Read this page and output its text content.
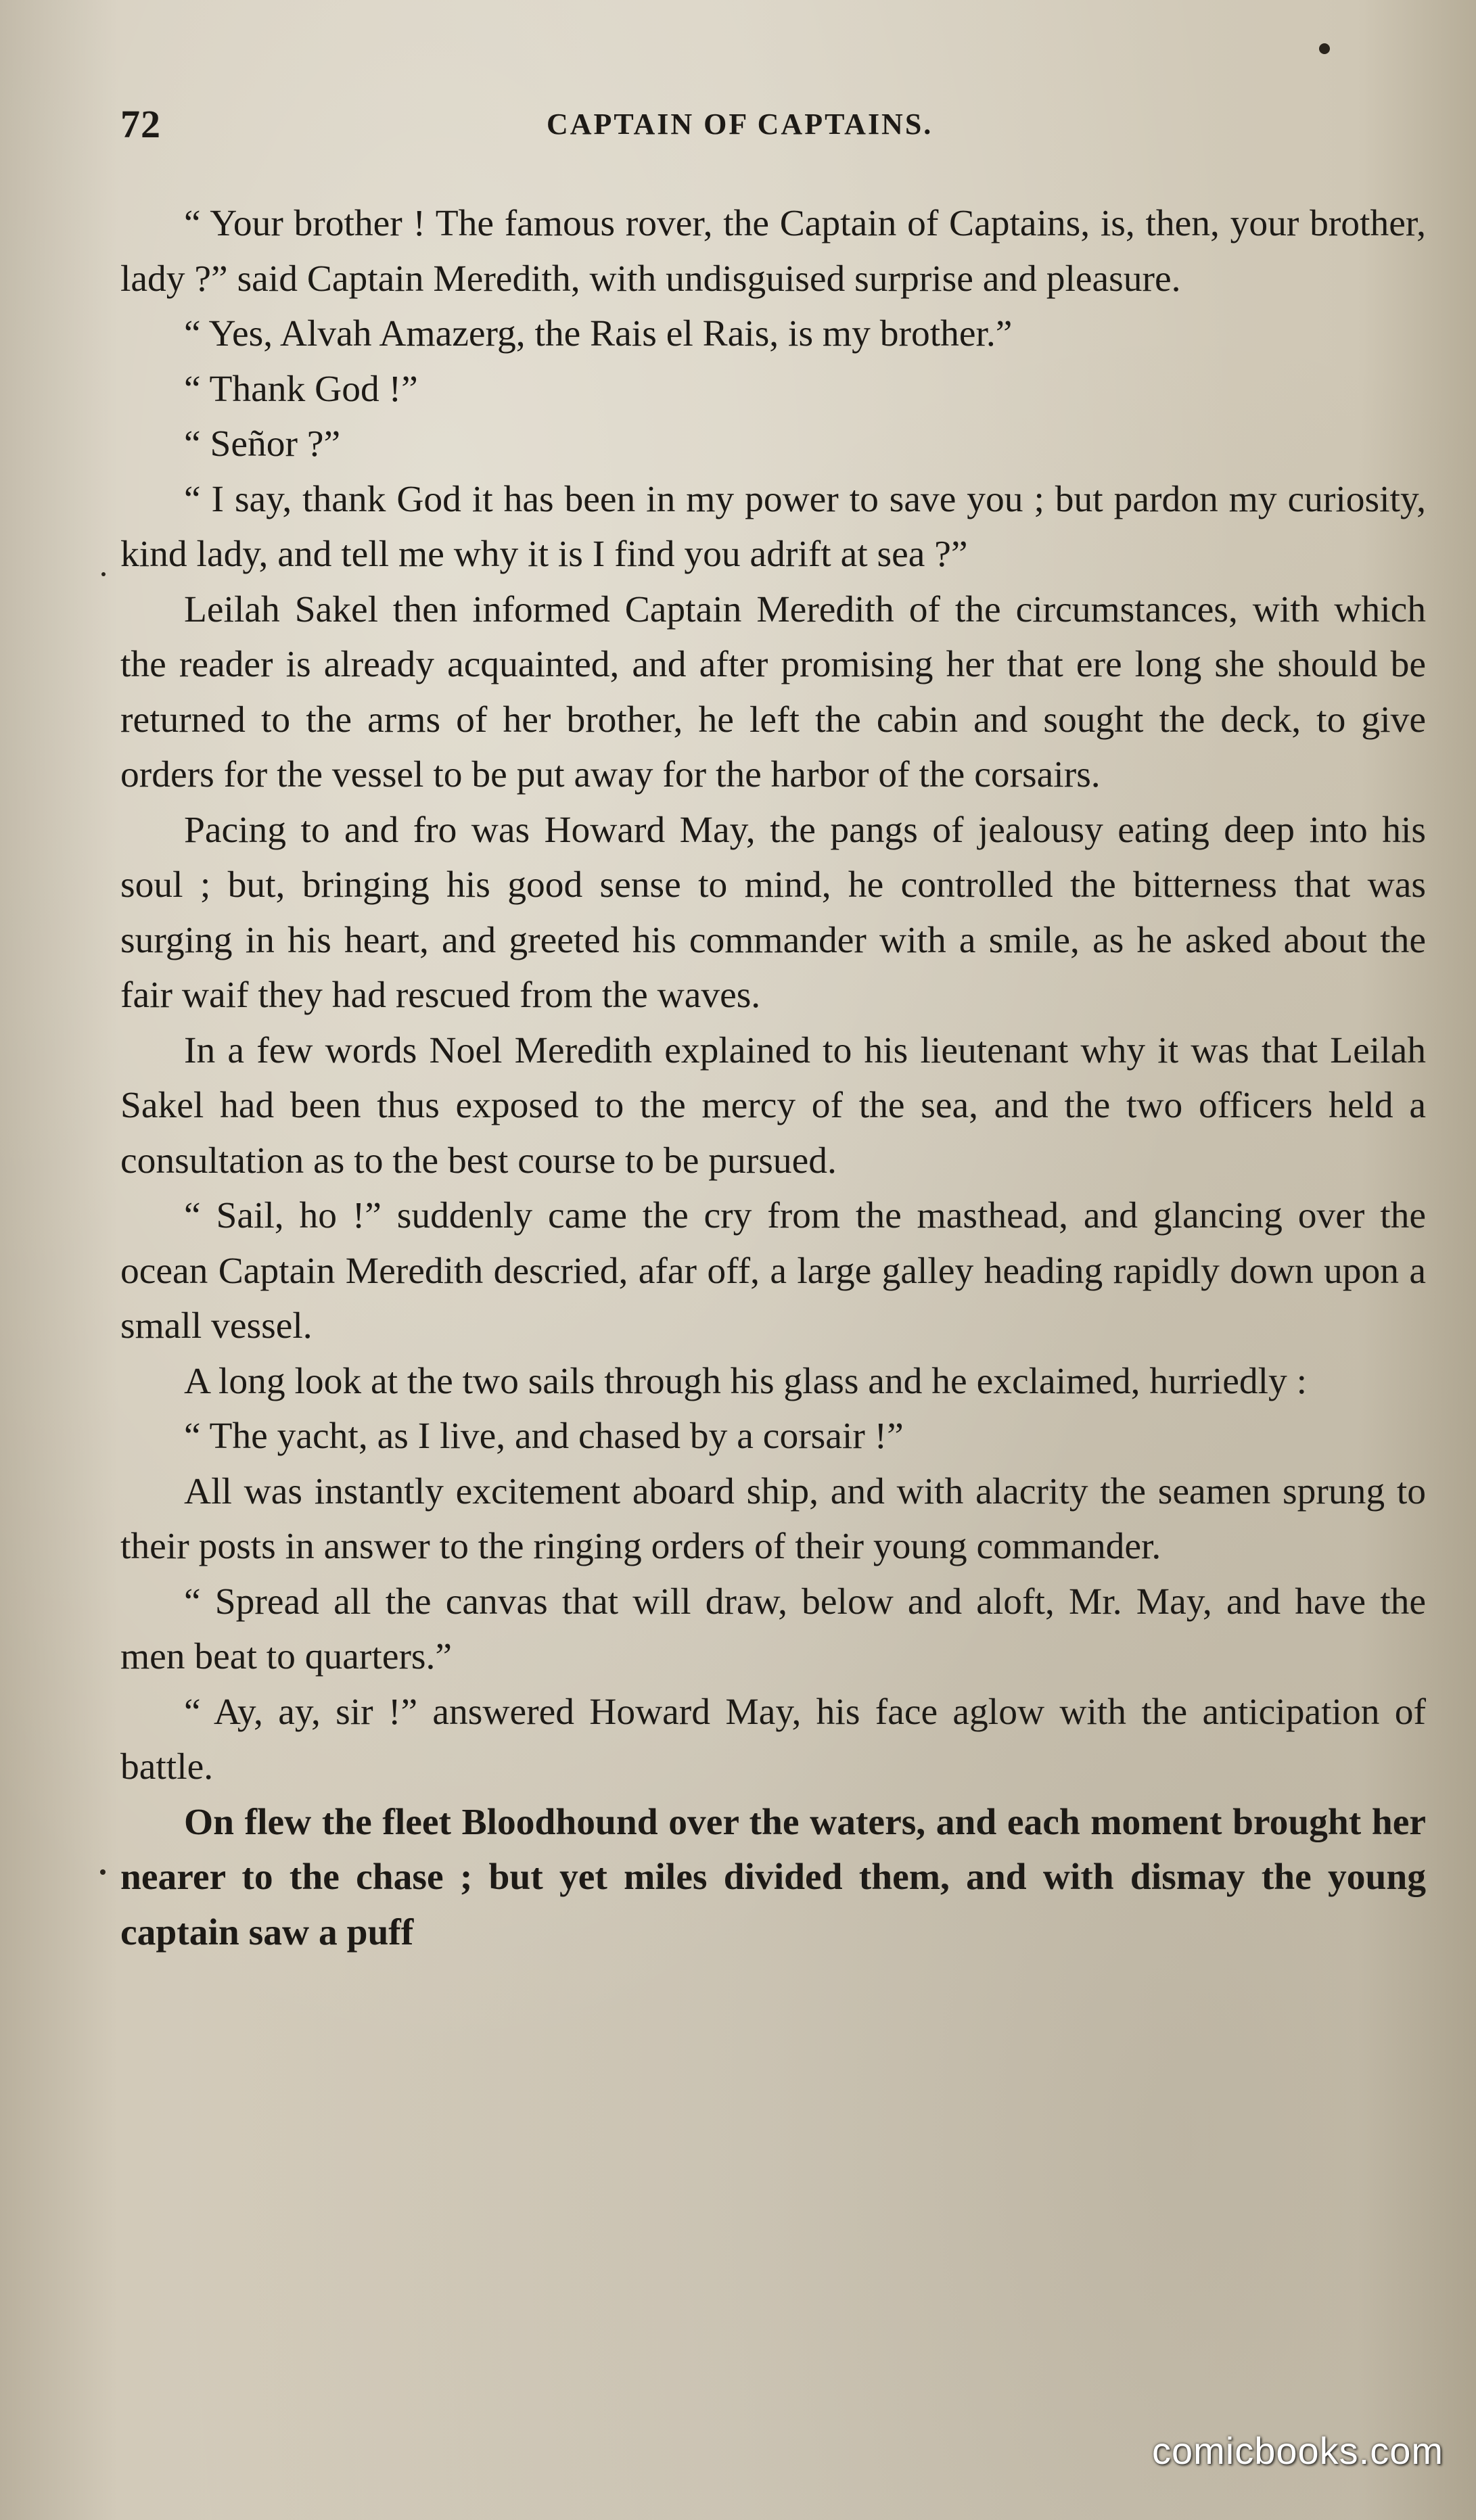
72	CAPTAIN OF CAPTAINS.

“ Your brother ! The famous rover, the Captain of Captains, is, then, your brother, lady ?” said Captain Meredith, with undisguised surprise and pleasure.

“ Yes, Alvah Amazerg, the Rais el Rais, is my brother.”

“ Thank God !”

“ Señor ?”

“ I say, thank God it has been in my power to save you ; but pardon my curiosity, kind lady, and tell me why it is I find you adrift at sea ?”

Leilah Sakel then informed Captain Meredith of the circumstances, with which the reader is already acquainted, and after promising her that ere long she should be returned to the arms of her brother, he left the cabin and sought the deck, to give orders for the vessel to be put away for the harbor of the corsairs.

Pacing to and fro was Howard May, the pangs of jealousy eating deep into his soul ; but, bringing his good sense to mind, he controlled the bitterness that was surging in his heart, and greeted his commander with a smile, as he asked about the fair waif they had rescued from the waves.

In a few words Noel Meredith explained to his lieutenant why it was that Leilah Sakel had been thus exposed to the mercy of the sea, and the two officers held a consultation as to the best course to be pursued.

“ Sail, ho !” suddenly came the cry from the masthead, and glancing over the ocean Captain Meredith descried, afar off, a large galley heading rapidly down upon a small vessel.

A long look at the two sails through his glass and he exclaimed, hurriedly :

“ The yacht, as I live, and chased by a corsair !”

All was instantly excitement aboard ship, and with alacrity the seamen sprung to their posts in answer to the ringing orders of their young commander.

“ Spread all the canvas that will draw, below and aloft, Mr. May, and have the men beat to quarters.”

“ Ay, ay, sir !” answered Howard May, his face aglow with the anticipation of battle.

On flew the fleet Bloodhound over the waters, and each moment brought her nearer to the chase ; but yet miles divided them, and with dismay the young captain saw a puff

comicbooks.com
